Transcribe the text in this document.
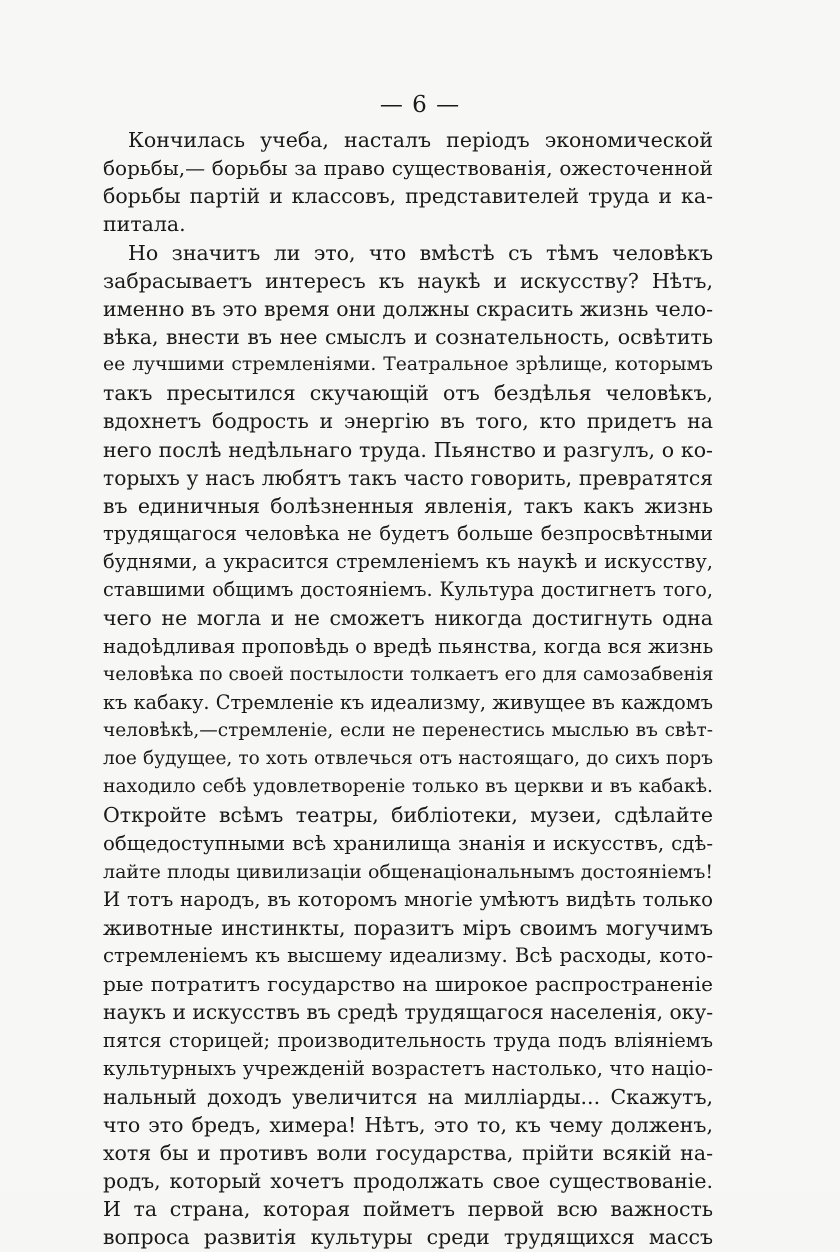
— 6 —
Кончилась учеба, насталъ періодъ экономической
борьбы,— борьбы за право существованія, ожесточенной
борьбы партій и классовъ, представителей труда и ка-
питала.
Но значитъ ли это, что вмѣстѣ съ тѣмъ человѣкъ
забрасываетъ интересъ къ наукѣ и искусству? Нѣтъ,
именно въ это время они должны скрасить жизнь чело-
вѣка, внести въ нее смыслъ и сознательность, освѣтить
ее лучшими стремленіями. Театральное зрѣлище, которымъ
такъ пресытился скучающій отъ бездѣлья человѣкъ,
вдохнетъ бодрость и энергію въ того, кто придетъ на
него послѣ недѣльнаго труда. Пьянство и разгулъ, о ко-
торыхъ у насъ любятъ такъ часто говорить, превратятся
въ единичныя болѣзненныя явленія, такъ какъ жизнь
трудящагося человѣка не будетъ больше безпросвѣтными
буднями, а украсится стремленіемъ къ наукѣ и искусству,
ставшими общимъ достояніемъ. Культура достигнетъ того,
чего не могла и не сможетъ никогда достигнуть одна
надоѣдливая проповѣдь о вредѣ пьянства, когда вся жизнь
человѣка по своей постылости толкаетъ его для самозабвенія
къ кабаку. Стремленіе къ идеализму, живущее въ каждомъ
человѣкѣ,—стремленіе, если не перенестись мыслью въ свѣт-
лое будущее, то хоть отвлечься отъ настоящаго, до сихъ поръ
находило себѣ удовлетвореніе только въ церкви и въ кабакѣ.
Откройте всѣмъ театры, библіотеки, музеи, сдѣлайте
общедоступными всѣ хранилища знанія и искусствъ, сдѣ-
лайте плоды цивилизаціи общенаціональнымъ достояніемъ!
И тотъ народъ, въ которомъ многіе умѣютъ видѣть только
животные инстинкты, поразитъ міръ своимъ могучимъ
стремленіемъ къ высшему идеализму. Всѣ расходы, кото-
рые потратитъ государство на широкое распространеніе
наукъ и искусствъ въ средѣ трудящагося населенія, оку-
пятся сторицей; производительность труда подъ вліяніемъ
культурныхъ учрежденій возрастетъ настолько, что націо-
нальный доходъ увеличится на милліарды... Скажутъ,
что это бредъ, химера! Нѣтъ, это то, къ чему долженъ,
хотя бы и противъ воли государства, прійти всякій на-
родъ, который хочетъ продолжать свое существованіе.
И та страна, которая пойметъ первой всю важность
вопроса развитія культуры среди трудящихся массъ
